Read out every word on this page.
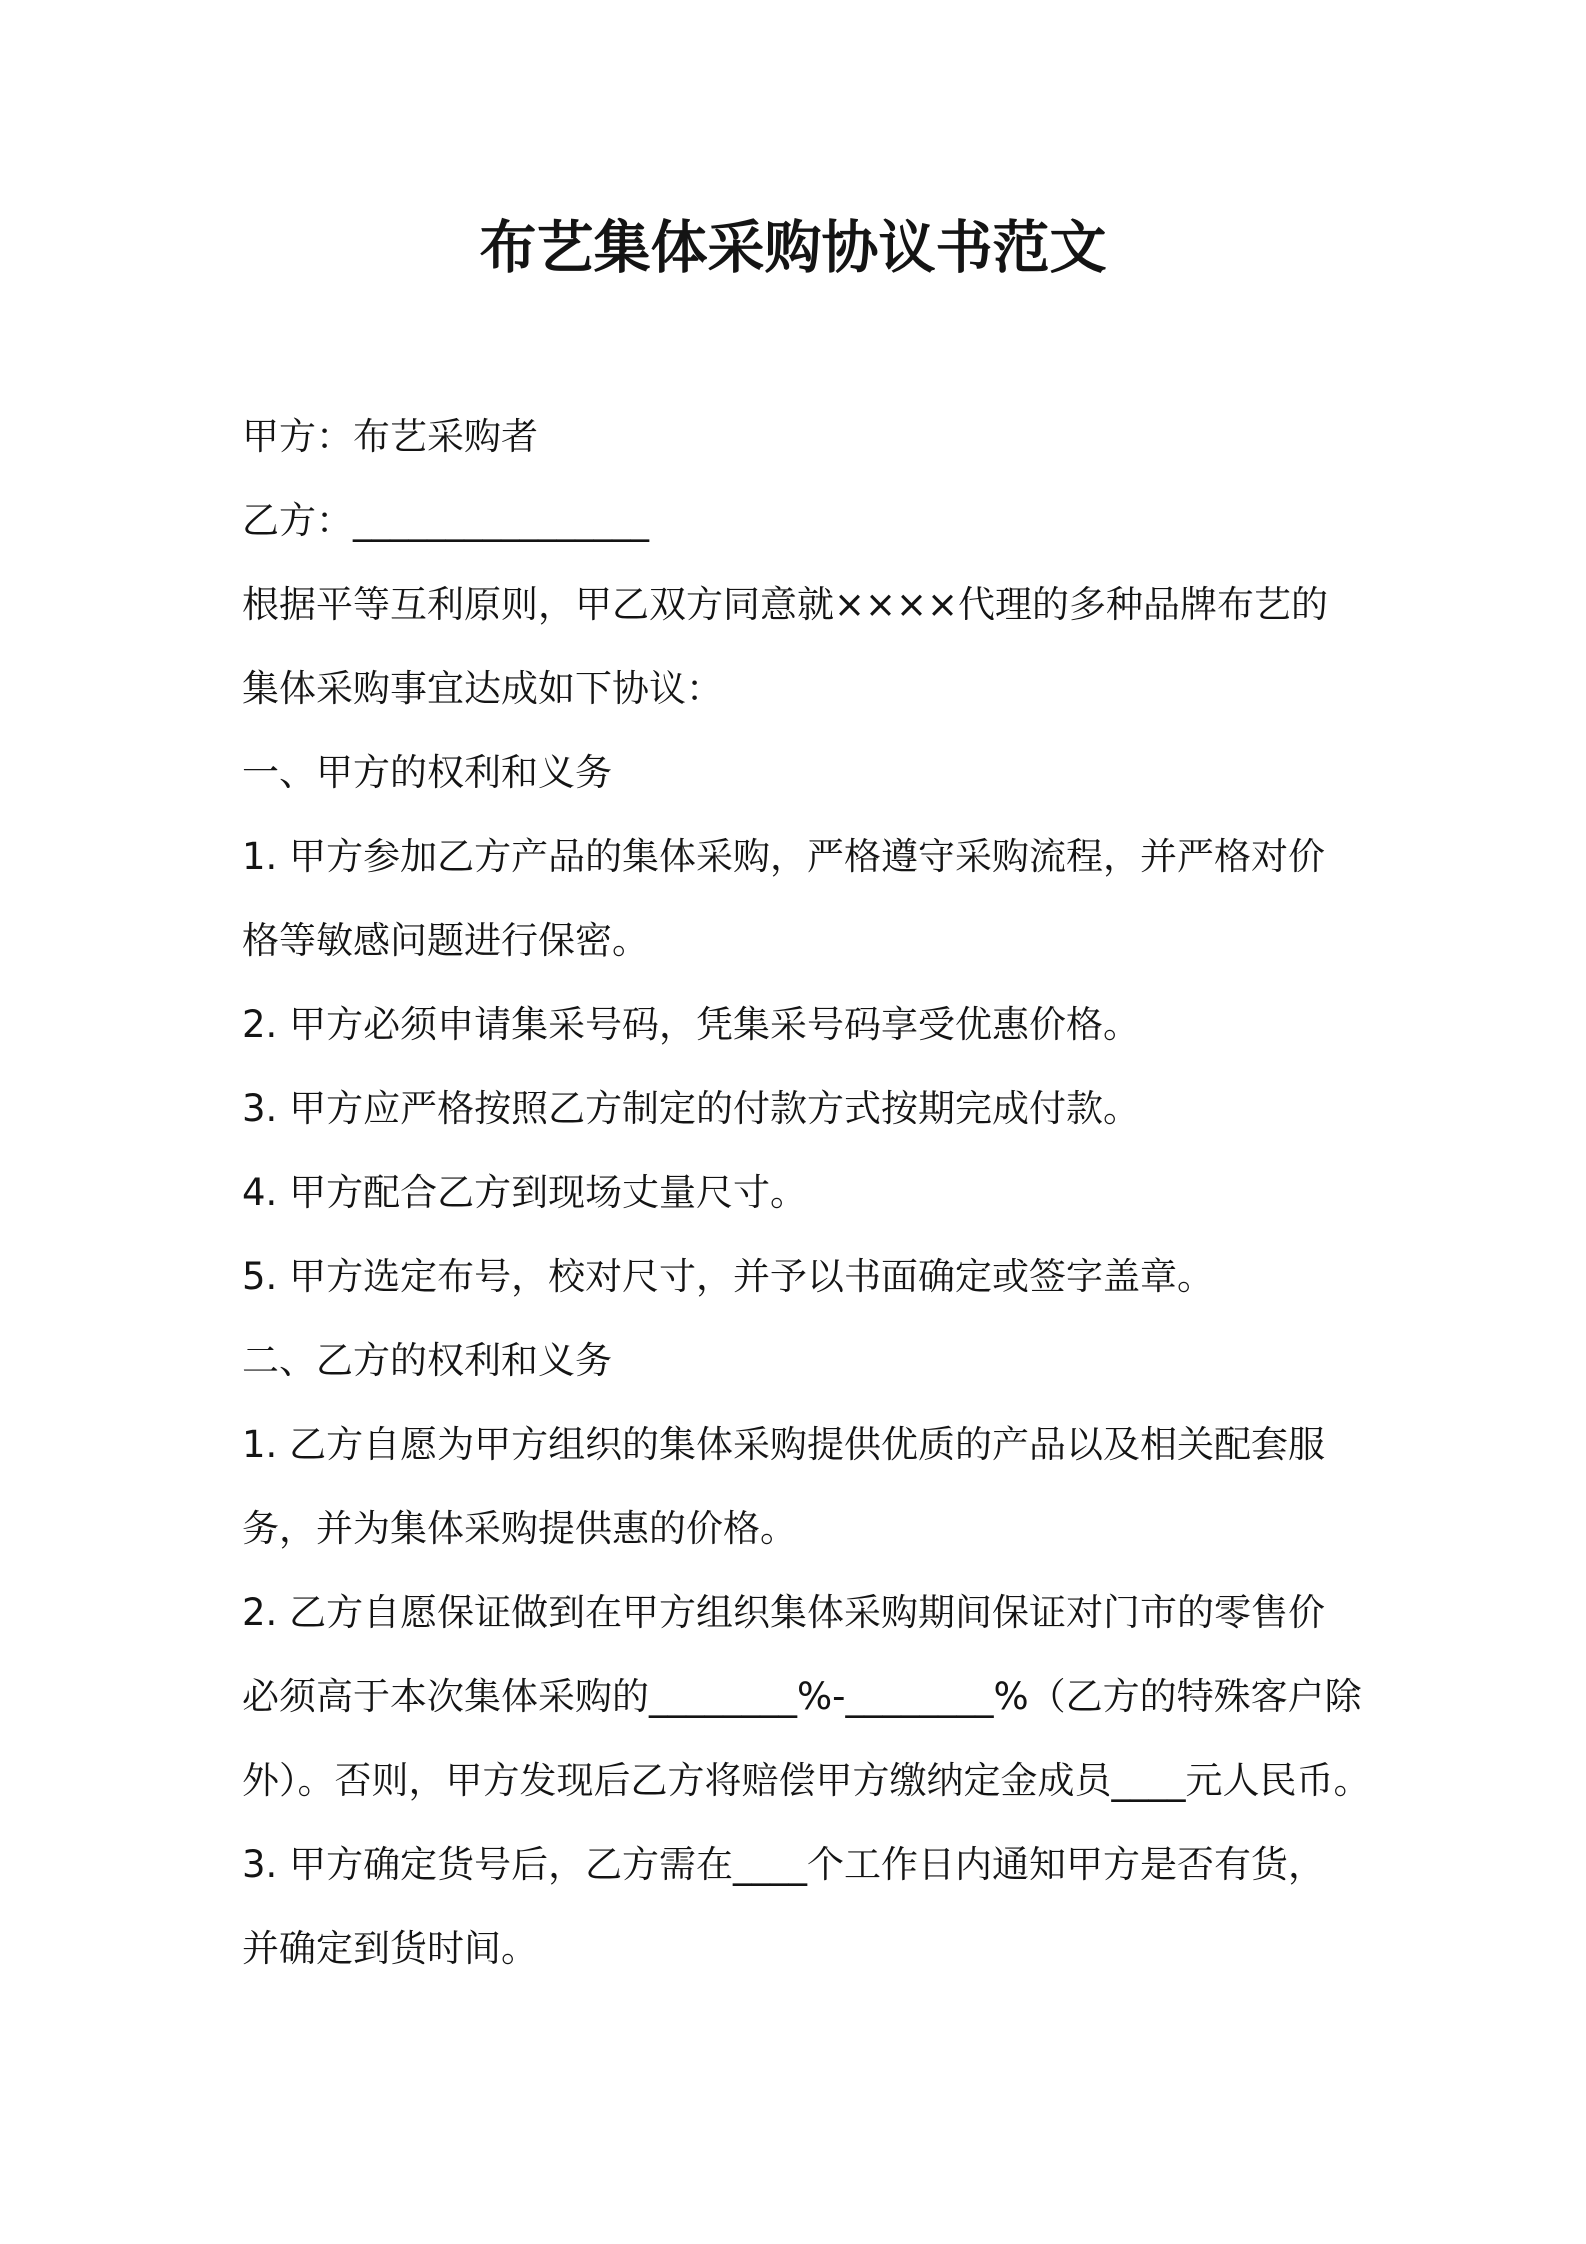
布艺集体采购协议书范文
甲方：布艺采购者
乙方：________________
根据平等互利原则，甲乙双方同意就××××代理的多种品牌布艺的
集体采购事宜达成如下协议：
一、甲方的权利和义务
1. 甲方参加乙方产品的集体采购，严格遵守采购流程，并严格对价
格等敏感问题进行保密。
2. 甲方必须申请集采号码，凭集采号码享受优惠价格。
3. 甲方应严格按照乙方制定的付款方式按期完成付款。
4. 甲方配合乙方到现场丈量尺寸。
5. 甲方选定布号，校对尺寸，并予以书面确定或签字盖章。
二、乙方的权利和义务
1. 乙方自愿为甲方组织的集体采购提供优质的产品以及相关配套服
务，并为集体采购提供惠的价格。
2. 乙方自愿保证做到在甲方组织集体采购期间保证对门市的零售价
必须高于本次集体采购的________%-________%（乙方的特殊客户除
外）。否则，甲方发现后乙方将赔偿甲方缴纳定金成员____元人民币。
3. 甲方确定货号后，乙方需在____个工作日内通知甲方是否有货，
并确定到货时间。
